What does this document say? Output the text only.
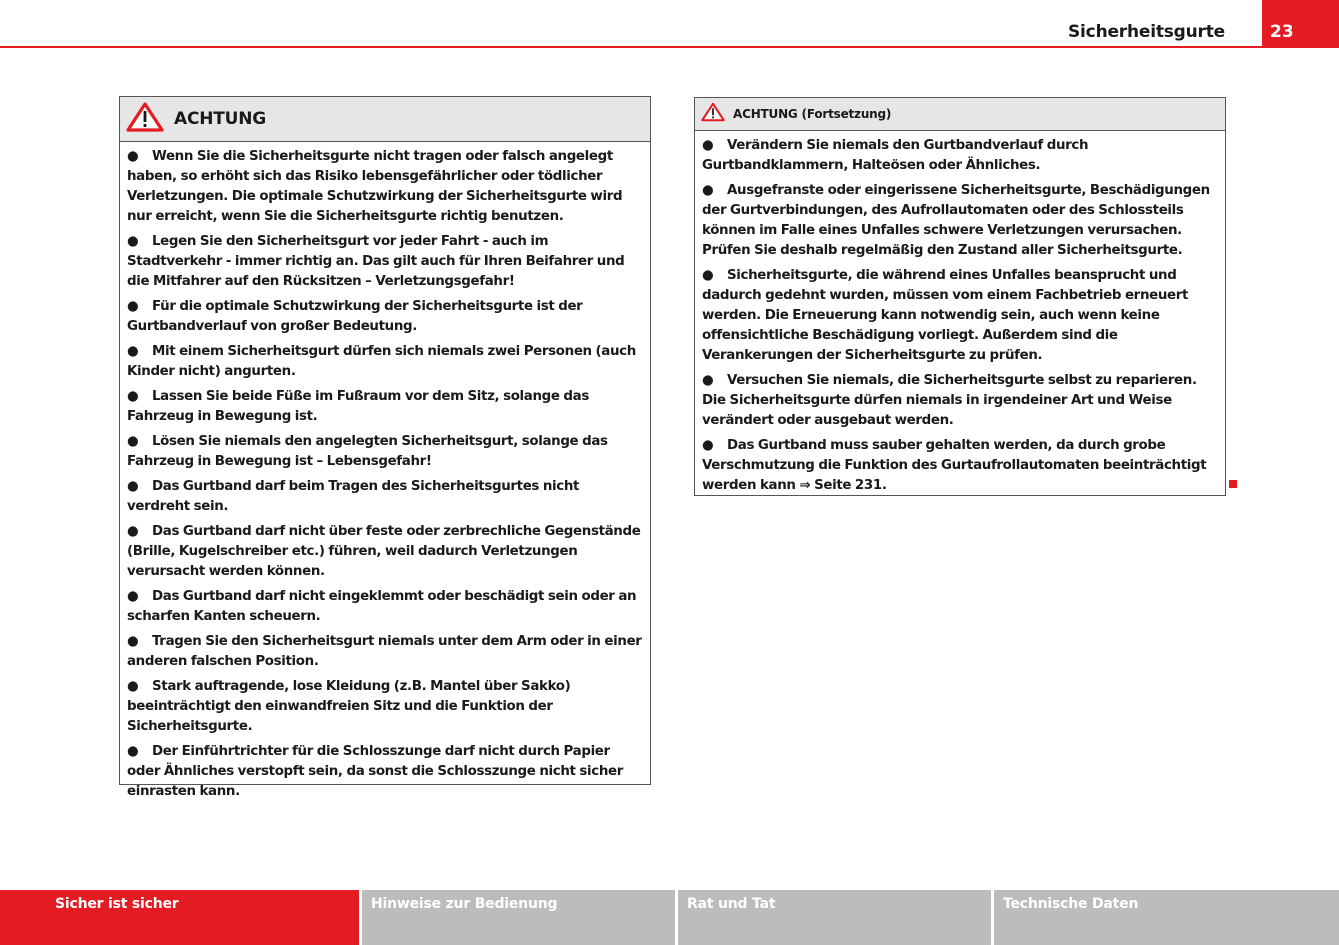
Sicherheitsgurte	23
ACHTUNG
● Wenn Sie die Sicherheitsgurte nicht tragen oder falsch angelegt haben, so erhöht sich das Risiko lebensgefährlicher oder tödlicher Verletzungen. Die optimale Schutzwirkung der Sicherheitsgurte wird nur erreicht, wenn Sie die Sicherheitsgurte richtig benutzen.
● Legen Sie den Sicherheitsgurt vor jeder Fahrt - auch im Stadtverkehr - immer richtig an. Das gilt auch für Ihren Beifahrer und die Mitfahrer auf den Rücksitzen – Verletzungsgefahr!
● Für die optimale Schutzwirkung der Sicherheitsgurte ist der Gurtbandverlauf von großer Bedeutung.
● Mit einem Sicherheitsgurt dürfen sich niemals zwei Personen (auch Kinder nicht) angurten.
● Lassen Sie beide Füße im Fußraum vor dem Sitz, solange das Fahrzeug in Bewegung ist.
● Lösen Sie niemals den angelegten Sicherheitsgurt, solange das Fahrzeug in Bewegung ist – Lebensgefahr!
● Das Gurtband darf beim Tragen des Sicherheitsgurtes nicht verdreht sein.
● Das Gurtband darf nicht über feste oder zerbrechliche Gegenstände (Brille, Kugelschreiber etc.) führen, weil dadurch Verletzungen verursacht werden können.
● Das Gurtband darf nicht eingeklemmt oder beschädigt sein oder an scharfen Kanten scheuern.
● Tragen Sie den Sicherheitsgurt niemals unter dem Arm oder in einer anderen falschen Position.
● Stark auftragende, lose Kleidung (z.B. Mantel über Sakko) beeinträchtigt den einwandfreien Sitz und die Funktion der Sicherheitsgurte.
● Der Einführtrichter für die Schlosszunge darf nicht durch Papier oder Ähnliches verstopft sein, da sonst die Schlosszunge nicht sicher einrasten kann.
ACHTUNG (Fortsetzung)
● Verändern Sie niemals den Gurtbandverlauf durch Gurtbandklammern, Halteösen oder Ähnliches.
● Ausgefranste oder eingerissene Sicherheitsgurte, Beschädigungen der Gurtverbindungen, des Aufrollautomaten oder des Schlossteils können im Falle eines Unfalles schwere Verletzungen verursachen. Prüfen Sie deshalb regelmäßig den Zustand aller Sicherheitsgurte.
● Sicherheitsgurte, die während eines Unfalles beansprucht und dadurch gedehnt wurden, müssen vom einem Fachbetrieb erneuert werden. Die Erneuerung kann notwendig sein, auch wenn keine offensichtliche Beschädigung vorliegt. Außerdem sind die Verankerungen der Sicherheitsgurte zu prüfen.
● Versuchen Sie niemals, die Sicherheitsgurte selbst zu reparieren. Die Sicherheitsgurte dürfen niemals in irgendeiner Art und Weise verändert oder ausgebaut werden.
● Das Gurtband muss sauber gehalten werden, da durch grobe Verschmutzung die Funktion des Gurtaufrollautomaten beeinträchtigt werden kann ⇒ Seite 231.
Sicher ist sicher	Hinweise zur Bedienung	Rat und Tat	Technische Daten
